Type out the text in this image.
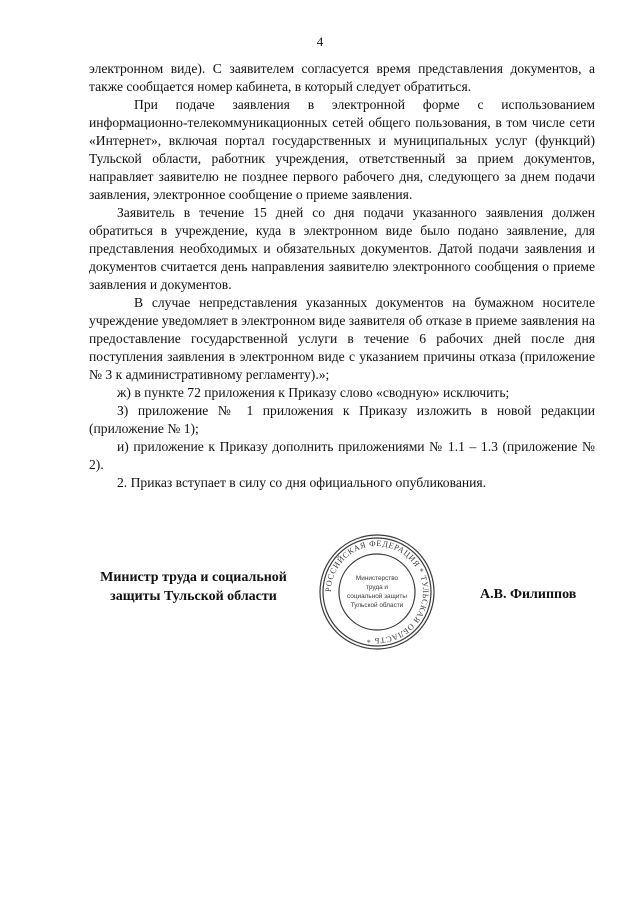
4

электронном виде). С заявителем согласуется время представления документов, а также сообщается номер кабинета, в который следует обратиться.

При подаче заявления в электронной форме с использованием информационно-телекоммуникационных сетей общего пользования, в том числе сети «Интернет», включая портал государственных и муниципальных услуг (функций) Тульской области, работник учреждения, ответственный за прием документов, направляет заявителю не позднее первого рабочего дня, следующего за днем подачи заявления, электронное сообщение о приеме заявления.

Заявитель в течение 15 дней со дня подачи указанного заявления должен обратиться в учреждение, куда в электронном виде было подано заявление, для представления необходимых и обязательных документов. Датой подачи заявления и документов считается день направления заявителю электронного сообщения о приеме заявления и документов.

В случае непредставления указанных документов на бумажном носителе учреждение уведомляет в электронном виде заявителя об отказе в приеме заявления на предоставление государственной услуги в течение 6 рабочих дней после дня поступления заявления в электронном виде с указанием причины отказа (приложение № 3 к административному регламенту).»;

ж) в пункте 72 приложения к Приказу слово «сводную» исключить;

З) приложение № 1 приложения к Приказу изложить в новой редакции (приложение № 1);

и) приложение к Приказу дополнить приложениями № 1.1 – 1.3 (приложение № 2).

2. Приказ вступает в силу со дня официального опубликования.

Министр труда и социальной
защиты Тульской области	РОССИЙСКАЯ ФЕДЕРАЦИЯ * ТУЛЬСКАЯ ОБЛАСТЬ *
Министерство
труда и
социальной защиты
Тульской области
А.В. Филиппов
